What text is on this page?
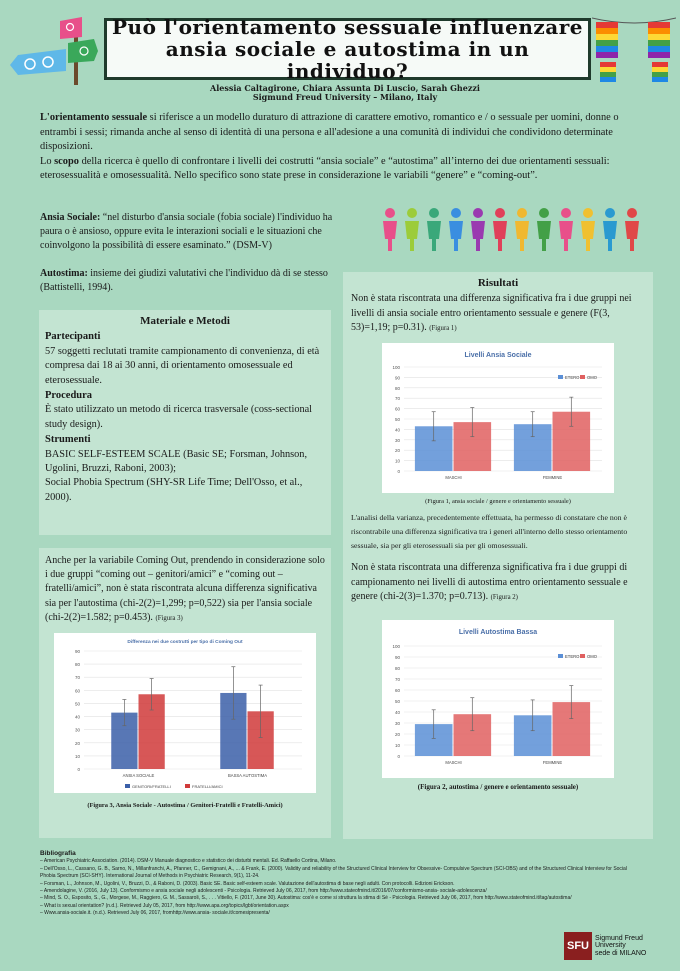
Può l'orientamento sessuale influenzare
ansia sociale e autostima in un individuo?
Alessia Caltagirone, Chiara Assunta Di Luscio, Sarah Ghezzi
Sigmund Freud University – Milano, Italy

L'orientamento sessuale si riferisce a un modello duraturo di attrazione di carattere emotivo, romantico e / o sessuale per uomini, donne o entrambi i sessi; rimanda anche al senso di identità di una persona e all'adesione a una comunità di individui che condividono determinate disposizioni.

Lo scopo della ricerca è quello di confrontare i livelli dei costrutti “ansia sociale” e “autostima” all’interno dei due orientamenti sessuali: eterosessualità e omosessualità. Nello specifico sono state prese in considerazione le variabili “genere” e “coming-out”.

Ansia Sociale: “nel disturbo d'ansia sociale (fobia sociale) l'individuo ha paura o è ansioso, oppure evita le interazioni sociali e le situazioni che coinvolgono la possibilità di essere esaminato.” (DSM-V)
Autostima: insieme dei giudizi valutativi che l'individuo dà di se stesso (Battistelli, 1994).
Materiale e Metodi
Partecipanti
57 soggetti reclutati tramite campionamento di convenienza, di età compresa dai 18 ai 30 anni, di orientamento omosessuale ed eterosessuale.
Procedura
È stato utilizzato un metodo di ricerca trasversale (coss-sectional study design).
Strumenti
BASIC SELF-ESTEEM SCALE (Basic SE; Forsman, Johnson, Ugolini, Bruzzi, Raboni, 2003);
Social Phobia Spectrum (SHY-SR Life Time; Dell'Osso, et al., 2000).
Anche per la variabile Coming Out, prendendo in considerazione solo i due gruppi “coming out – genitori/amici” e “coming out – fratelli/amici”, non è stata riscontrata alcuna differenza significativa sia per l'autostima (chi-2(2)=1,299; p=0,522) sia per l'ansia sociale (chi-2(2)=1.582; p=0.453). (Figura 3)
Differenza nei due costrutti per tipo di Coming Out
0
10
20
30
40
50
60
70
80
90
ANSIA SOCIALE	BASSA AUTOSTIMA
GENITORI/FRATELLI	FRATELLI/AMICI
(Figura 3, Ansia Sociale - Autostima / Genitori-Fratelli e Fratelli-Amici)
Risultati
Non è stata riscontrata una differenza significativa fra i due gruppi nei livelli di ansia sociale entro orientamento sessuale e genere (F(3, 53)=1,19; p=0.31). (Figura 1)
Livelli Ansia Sociale
0
10
20
30
40
50
60
70
80
90
100
MASCHI	FEMMINE
ETERO OMO
(Figura 1, ansia sociale / genere e orientamento sessuale)
L'analisi della varianza, precedentemente effettuata, ha permesso di constatare che non è riscontrabile una differenza significativa tra i generi all'interno dello stesso orientamento sessuale, sia per gli eterosessuali sia per gli omosessuali.
Non è stata riscontrata una differenza significativa fra i due gruppi di campionamento nei livelli di autostima entro orientamento sessuale e genere (chi-2(3)=1.370; p=0.713). (Figura 2)
Livelli Autostima Bassa
0
10
20
30
40
50
60
70
80
90
100
MASCHI	FEMMINE
ETERO OMO
(Figura 2, autostima / genere e orientamento sessuale)
Bibliografia
– American Psychiatric Association. (2014). DSM-V Manuale diagnostico e statistico dei disturbi mentali. Ed. Raffaello Cortina, Milano.
– Dell'Osso, L., Cassano, G. B., Sarno, N., Millanfranchi, A., Pfanner, C., Gemignani, A., ... & Frank, E. (2000). Validity and reliability of the Structured Clinical Interview for Obsessive- Compulsive Spectrum (SCI-OBS) and of the Structured Clinical Interview for Social Phobia Spectrum (SCI-SHY). International Journal of Methods in Psychiatric Research, 9(1), 11-24.
– Forsman, L., Johnson, M., Ugolini, V., Bruzzi, D., & Raboni, D. (2003). Basic SE. Basic self-esteem scale. Valutazione dell'autostima di base negli adulti. Con protocolli. Edizioni Erickson.
– Amendolagine, V. (2016, July 13). Conformismo e ansia sociale negli adolescenti - Psicologia. Retrieved July 06, 2017, from http://www.stateofmind.it/2016/07/conformismo-ansia- sociale-adolescenza/
– Mind, S. O., Esposito, S., G., Morgese, M., Raggiero, G. M., Sassaroli, S., . . . Vitiello, F. (2017, June 30). Autostima: cos'è e come si struttura la stima di Sé - Psicologia. Retrieved July 06, 2017, from http://www.stateofmind.it/tag/autostima/
– What is sexual orientation? (n.d.). Retrieved July 05, 2017, from http://www.apa.org/topics/lgbt/orientation.aspx
– Www.ansia-sociale.it. (n.d.). Retrieved July 06, 2017, fromhttp://www.ansia- sociale.it/comesipresenta/
SFU
Sigmund Freud
University
sede di MILANO
